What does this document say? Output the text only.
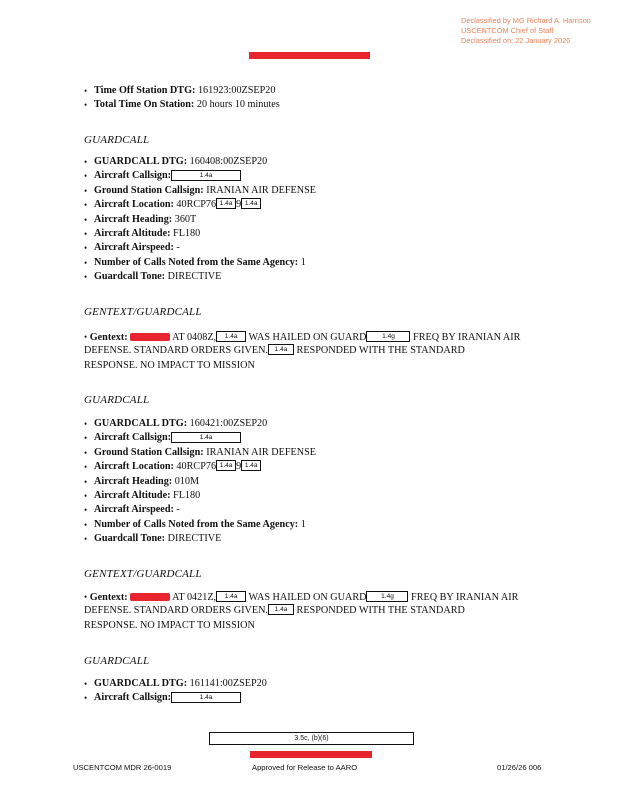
Declassified by MG Richard A. Harrison
USCENTCOM Chief of Staff
Declassified on: 22 January 2026
• Time Off Station DTG: 161923:00ZSEP20
• Total Time On Station: 20 hours 10 minutes
GUARDCALL
• GUARDCALL DTG: 160408:00ZSEP20
• Aircraft Callsign:	1.4a
• Ground Station Callsign: IRANIAN AIR DEFENSE
• Aircraft Location: 40RCP76 1.4a 9 1.4a
• Aircraft Heading: 360T
• Aircraft Altitude: FL180
• Aircraft Airspeed: -
• Number of Calls Noted from the Same Agency: 1
• Guardcall Tone: DIRECTIVE
GENTEXT/GUARDCALL
• Gentext:	AT 0408Z, 1.4a WAS HAILED ON GUARD 1.4g FREQ BY IRANIAN AIR
DEFENSE. STANDARD ORDERS GIVEN. 1.4a RESPONDED WITH THE STANDARD
RESPONSE. NO IMPACT TO MISSION
GUARDCALL
• GUARDCALL DTG: 160421:00ZSEP20
• Aircraft Callsign:	1.4a
• Ground Station Callsign: IRANIAN AIR DEFENSE
• Aircraft Location: 40RCP76 1.4a 9 1.4a
• Aircraft Heading: 010M
• Aircraft Altitude: FL180
• Aircraft Airspeed: -
• Number of Calls Noted from the Same Agency: 1
• Guardcall Tone: DIRECTIVE
GENTEXT/GUARDCALL
• Gentext:	AT 0421Z, 1.4a WAS HAILED ON GUARD 1.4g FREQ BY IRANIAN AIR
DEFENSE. STANDARD ORDERS GIVEN. 1.4a RESPONDED WITH THE STANDARD
RESPONSE. NO IMPACT TO MISSION
GUARDCALL
• GUARDCALL DTG: 161141:00ZSEP20
• Aircraft Callsign:	1.4a
3.5c, (b)(6)
USCENTCOM MDR 26-0019	Approved for Release to AARO	01/26/26 006
